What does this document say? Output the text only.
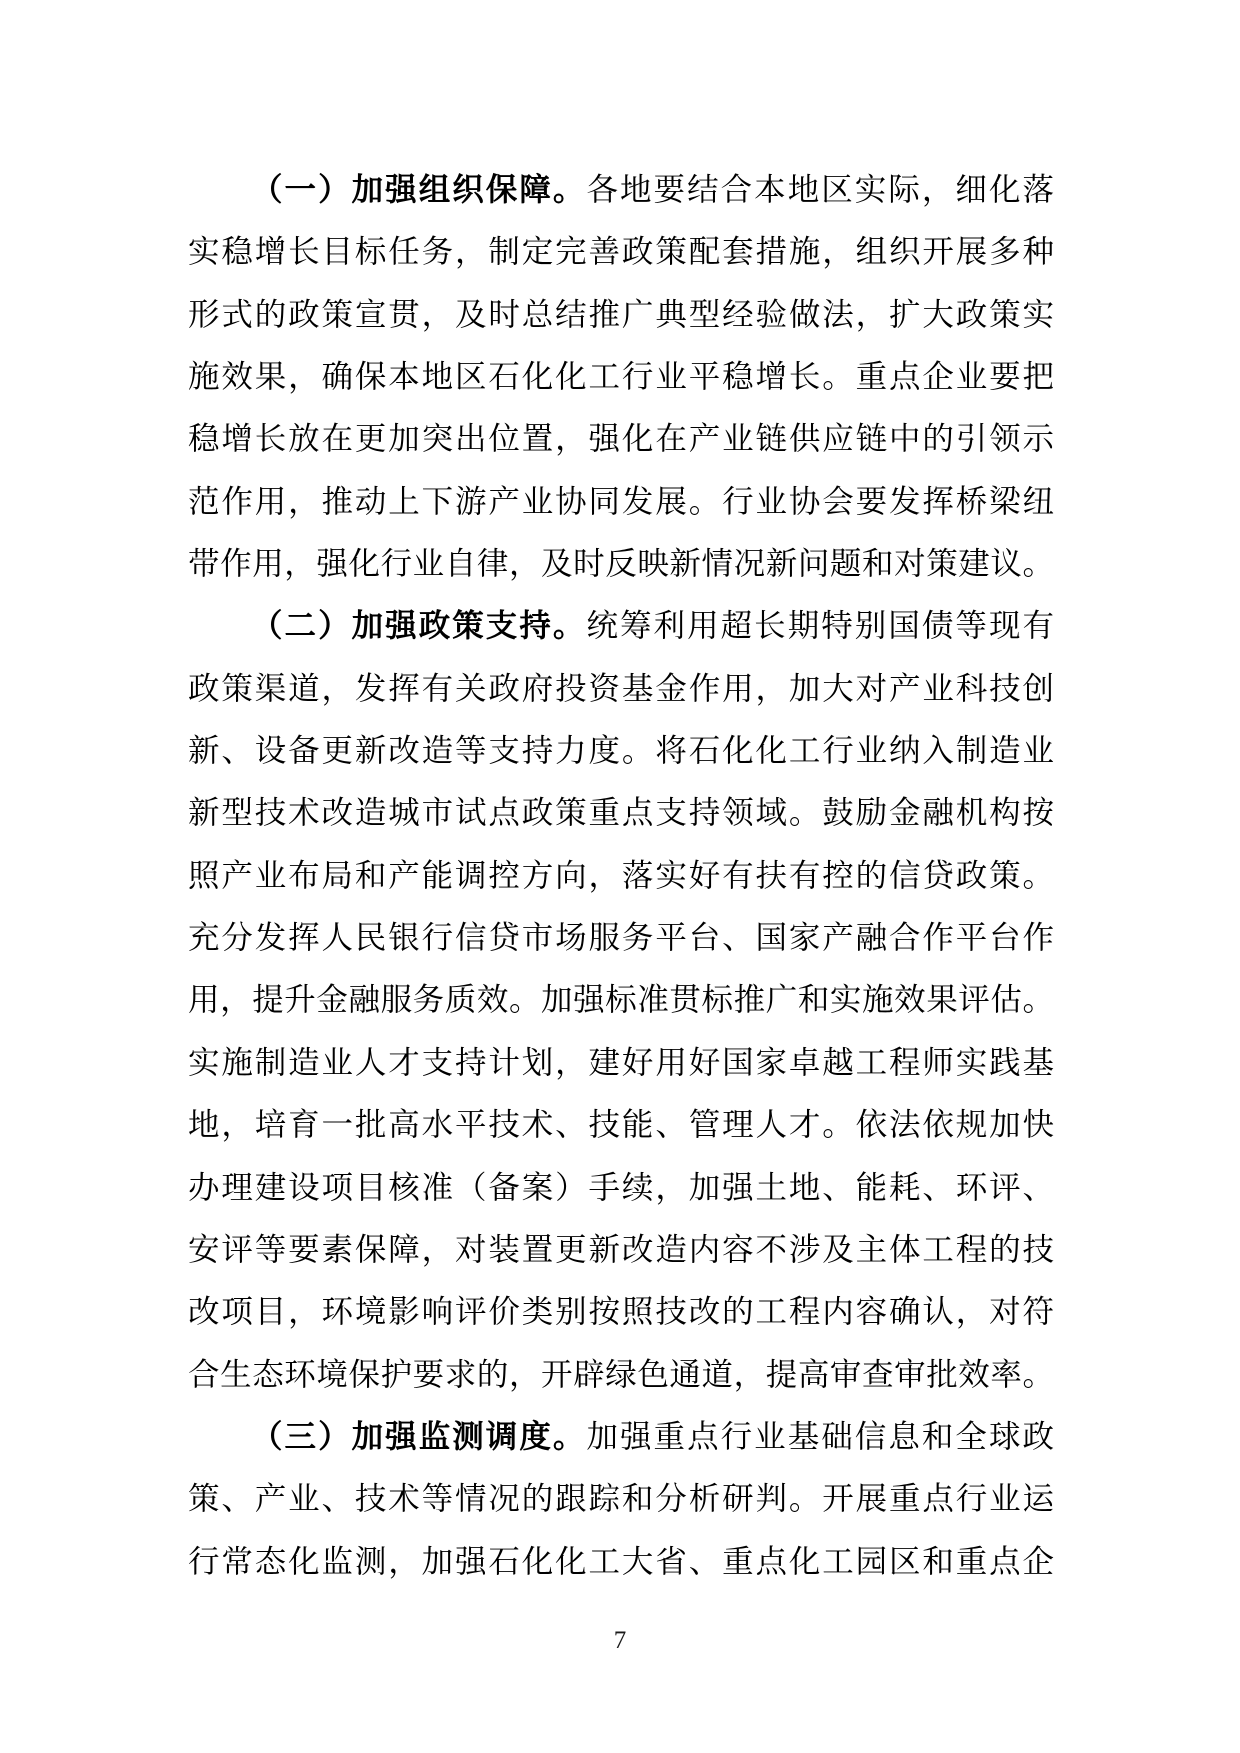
（一）加强组织保障。各地要结合本地区实际，细化落
实稳增长目标任务，制定完善政策配套措施，组织开展多种
形式的政策宣贯，及时总结推广典型经验做法，扩大政策实
施效果，确保本地区石化化工行业平稳增长。重点企业要把
稳增长放在更加突出位置，强化在产业链供应链中的引领示
范作用，推动上下游产业协同发展。行业协会要发挥桥梁纽
带作用，强化行业自律，及时反映新情况新问题和对策建议。
（二）加强政策支持。统筹利用超长期特别国债等现有
政策渠道，发挥有关政府投资基金作用，加大对产业科技创
新、设备更新改造等支持力度。将石化化工行业纳入制造业
新型技术改造城市试点政策重点支持领域。鼓励金融机构按
照产业布局和产能调控方向，落实好有扶有控的信贷政策。
充分发挥人民银行信贷市场服务平台、国家产融合作平台作
用，提升金融服务质效。加强标准贯标推广和实施效果评估。
实施制造业人才支持计划，建好用好国家卓越工程师实践基
地，培育一批高水平技术、技能、管理人才。依法依规加快
办理建设项目核准（备案）手续，加强土地、能耗、环评、
安评等要素保障，对装置更新改造内容不涉及主体工程的技
改项目，环境影响评价类别按照技改的工程内容确认，对符
合生态环境保护要求的，开辟绿色通道，提高审查审批效率。
（三）加强监测调度。加强重点行业基础信息和全球政
策、产业、技术等情况的跟踪和分析研判。开展重点行业运
行常态化监测，加强石化化工大省、重点化工园区和重点企
7
